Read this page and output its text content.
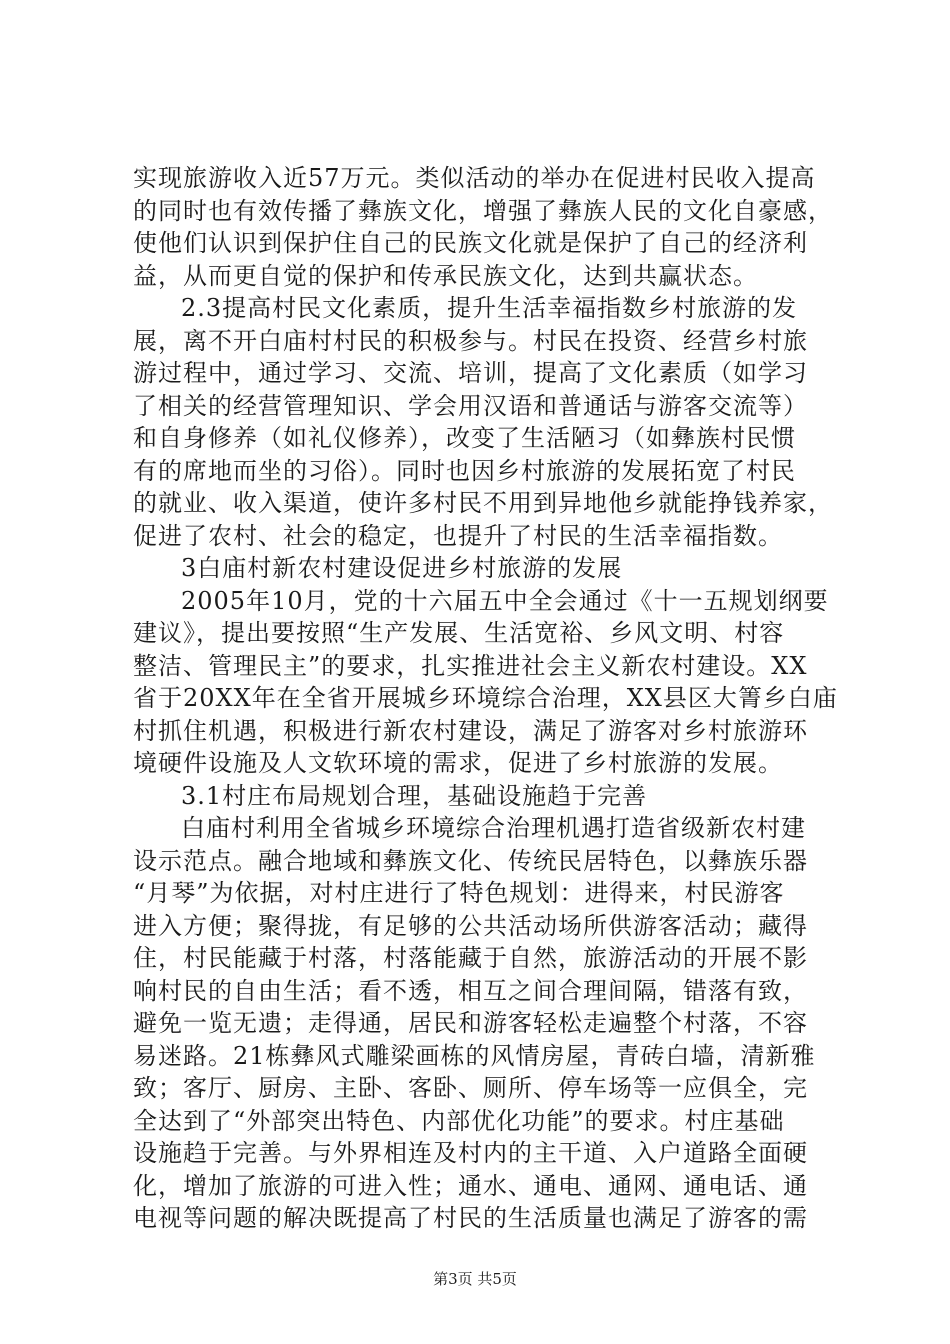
实现旅游收入近57万元。类似活动的举办在促进村民收入提高
的同时也有效传播了彝族文化，增强了彝族人民的文化自豪感，
使他们认识到保护住自己的民族文化就是保护了自己的经济利
益，从而更自觉的保护和传承民族文化，达到共赢状态。
2.3提高村民文化素质，提升生活幸福指数乡村旅游的发
展，离不开白庙村村民的积极参与。村民在投资、经营乡村旅
游过程中，通过学习、交流、培训，提高了文化素质（如学习
了相关的经营管理知识、学会用汉语和普通话与游客交流等）
和自身修养（如礼仪修养），改变了生活陋习（如彝族村民惯
有的席地而坐的习俗）。同时也因乡村旅游的发展拓宽了村民
的就业、收入渠道，使许多村民不用到异地他乡就能挣钱养家，
促进了农村、社会的稳定，也提升了村民的生活幸福指数。
3白庙村新农村建设促进乡村旅游的发展
2005年10月，党的十六届五中全会通过《十一五规划纲要
建议》，提出要按照“生产发展、生活宽裕、乡风文明、村容
整洁、管理民主”的要求，扎实推进社会主义新农村建设。XX
省于20XX年在全省开展城乡环境综合治理，XX县区大箐乡白庙
村抓住机遇，积极进行新农村建设，满足了游客对乡村旅游环
境硬件设施及人文软环境的需求，促进了乡村旅游的发展。
3.1村庄布局规划合理，基础设施趋于完善
白庙村利用全省城乡环境综合治理机遇打造省级新农村建
设示范点。融合地域和彝族文化、传统民居特色，以彝族乐器
“月琴”为依据，对村庄进行了特色规划：进得来，村民游客
进入方便；聚得拢，有足够的公共活动场所供游客活动；藏得
住，村民能藏于村落，村落能藏于自然，旅游活动的开展不影
响村民的自由生活；看不透，相互之间合理间隔，错落有致，
避免一览无遗；走得通，居民和游客轻松走遍整个村落，不容
易迷路。21栋彝风式雕梁画栋的风情房屋，青砖白墙，清新雅
致；客厅、厨房、主卧、客卧、厕所、停车场等一应俱全，完
全达到了“外部突出特色、内部优化功能”的要求。村庄基础
设施趋于完善。与外界相连及村内的主干道、入户道路全面硬
化，增加了旅游的可进入性；通水、通电、通网、通电话、通
电视等问题的解决既提高了村民的生活质量也满足了游客的需
第3页 共5页
